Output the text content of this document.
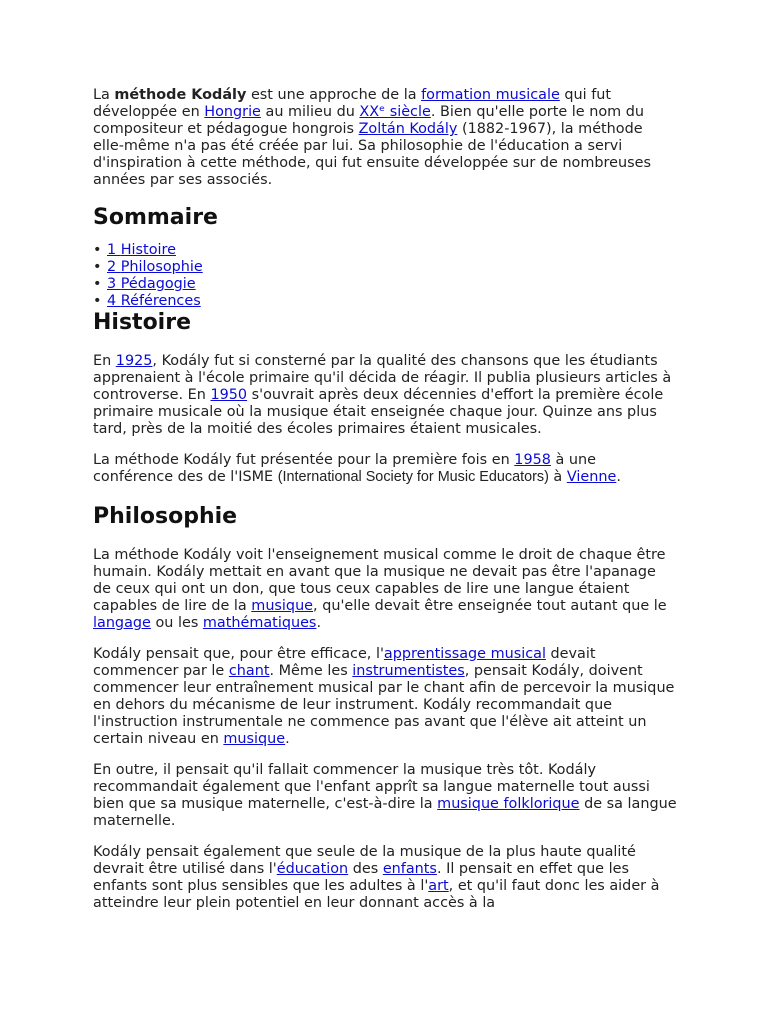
La méthode Kodály est une approche de la formation musicale qui fut développée en Hongrie au milieu du XXᵉ siècle. Bien qu'elle porte le nom du compositeur et pédagogue hongrois Zoltán Kodály (1882-1967), la méthode elle-même n'a pas été créée par lui. Sa philosophie de l'éducation a servi d'inspiration à cette méthode, qui fut ensuite développée sur de nombreuses années par ses associés.

Sommaire
• 1 Histoire
• 2 Philosophie
• 3 Pédagogie
• 4 Références
Histoire

En 1925, Kodály fut si consterné par la qualité des chansons que les étudiants apprenaient à l'école primaire qu'il décida de réagir. Il publia plusieurs articles à controverse. En 1950 s'ouvrait après deux décennies d'effort la première école primaire musicale où la musique était enseignée chaque jour. Quinze ans plus tard, près de la moitié des écoles primaires étaient musicales.

La méthode Kodály fut présentée pour la première fois en 1958 à une conférence des de l'ISME (International Society for Music Educators) à Vienne.

Philosophie

La méthode Kodály voit l'enseignement musical comme le droit de chaque être humain. Kodály mettait en avant que la musique ne devait pas être l'apanage de ceux qui ont un don, que tous ceux capables de lire une langue étaient capables de lire de la musique, qu'elle devait être enseignée tout autant que le langage ou les mathématiques.

Kodály pensait que, pour être efficace, l'apprentissage musical devait commencer par le chant. Même les instrumentistes, pensait Kodály, doivent commencer leur entraînement musical par le chant afin de percevoir la musique en dehors du mécanisme de leur instrument. Kodály recommandait que l'instruction instrumentale ne commence pas avant que l'élève ait atteint un certain niveau en musique.

En outre, il pensait qu'il fallait commencer la musique très tôt. Kodály recommandait également que l'enfant apprît sa langue maternelle tout aussi bien que sa musique maternelle, c'est-à-dire la musique folklorique de sa langue maternelle.

Kodály pensait également que seule de la musique de la plus haute qualité devrait être utilisé dans l'éducation des enfants. Il pensait en effet que les enfants sont plus sensibles que les adultes à l'art, et qu'il faut donc les aider à atteindre leur plein potentiel en leur donnant accès à la
